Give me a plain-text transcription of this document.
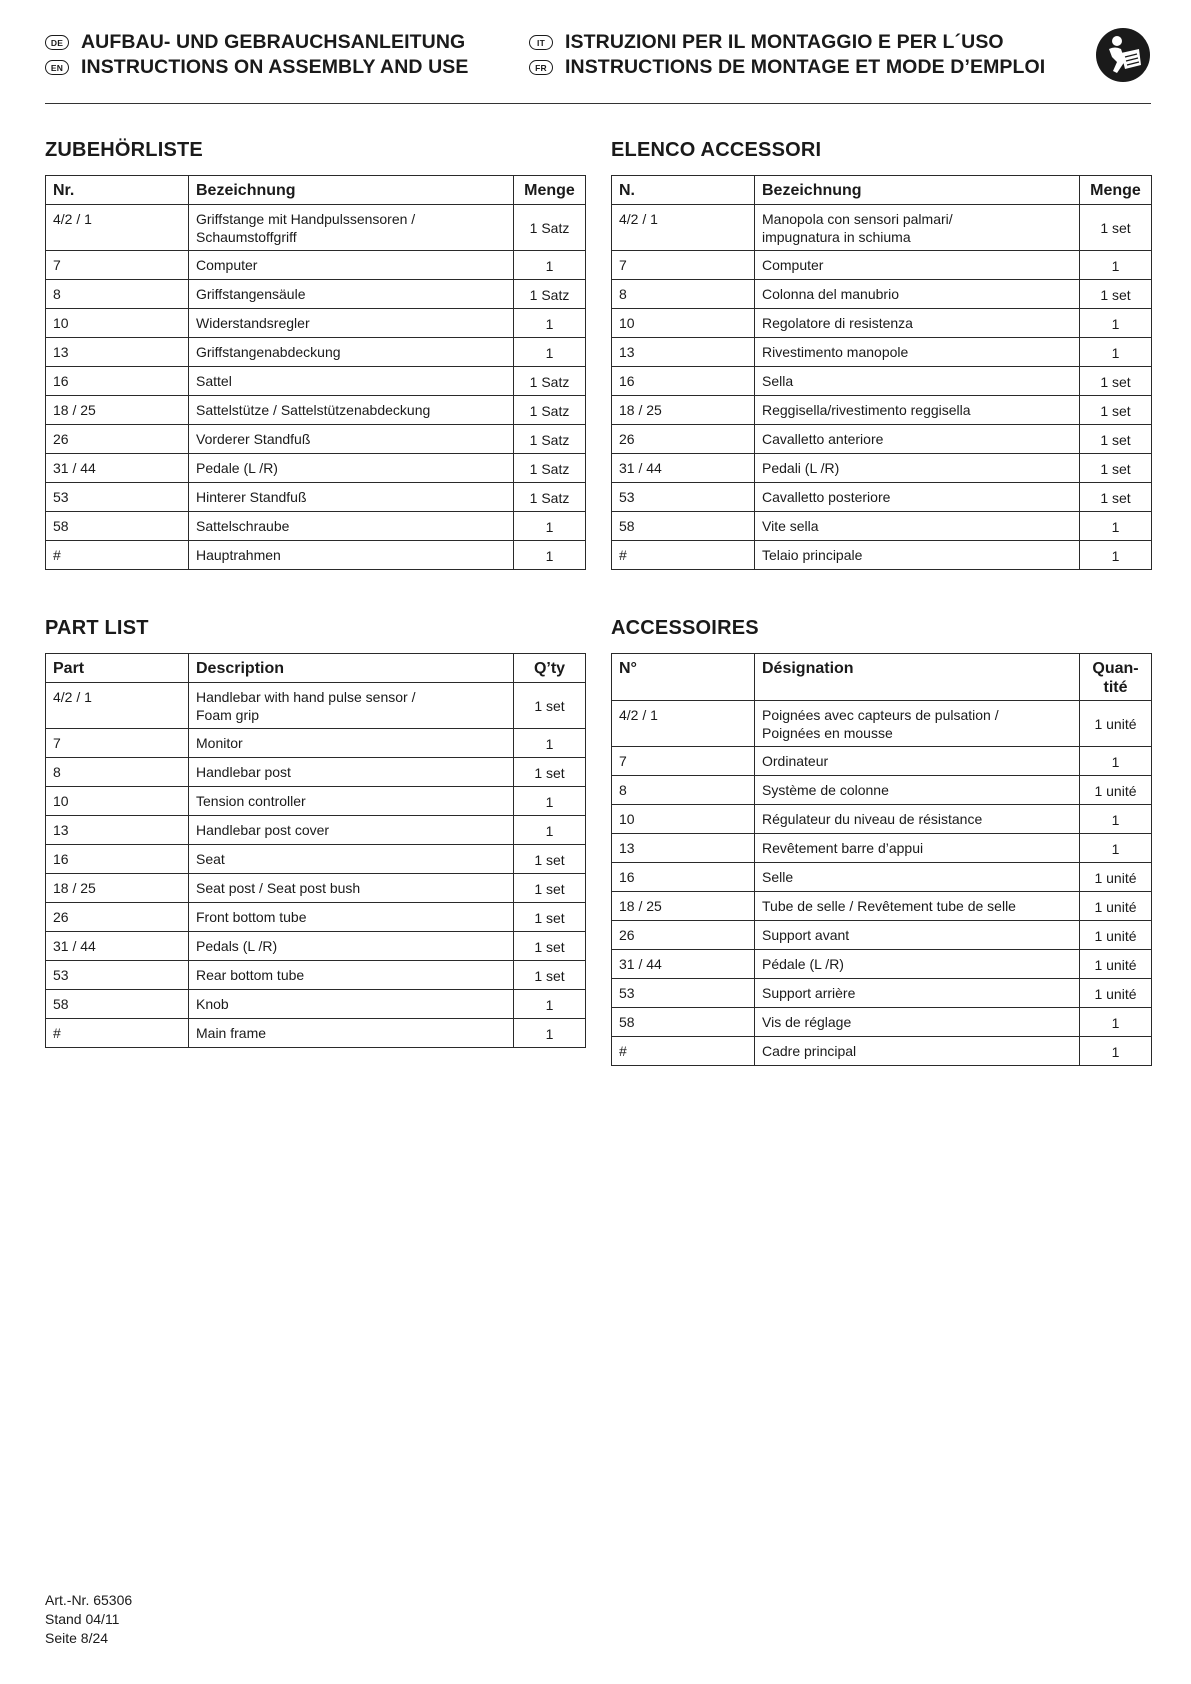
DE AUFBAU- UND GEBRAUCHSANLEITUNG
EN INSTRUCTIONS ON ASSEMBLY AND USE
IT	ISTRUZIONI PER IL MONTAGGIO E PER L´USO
FR INSTRUCTIONS DE MONTAGE ET MODE D’EMPLOI
ZUBEHÖRLISTE
Nr.	Bezeichnung	Menge
4/2 / 1	Griffstange mit Handpulssensoren /
Schaumstoffgriff	1 Satz
7	Computer	1
8	Griffstangensäule	1 Satz
10	Widerstandsregler	1
13	Griffstangenabdeckung	1
16	Sattel	1 Satz
18 / 25	Sattelstütze / Sattelstützenabdeckung	1 Satz
26	Vorderer Standfuß	1 Satz
31 / 44	Pedale (L /R)	1 Satz
53	Hinterer Standfuß	1 Satz
58	Sattelschraube	1
#	Hauptrahmen	1
ELENCO ACCESSORI
N.	Bezeichnung	Menge
4/2 / 1	Manopola con sensori palmari/
impugnatura in schiuma	1 set
7	Computer	1
8	Colonna del manubrio	1 set
10	Regolatore di resistenza	1
13	Rivestimento manopole	1
16	Sella	1 set
18 / 25	Reggisella/rivestimento reggisella	1 set
26	Cavalletto anteriore	1 set
31 / 44	Pedali (L /R)	1 set
53	Cavalletto posteriore	1 set
58	Vite sella	1
#	Telaio principale	1
PART LIST
Part	Description	Q’ty
4/2 / 1	Handlebar with hand pulse sensor /
Foam grip	1 set
7	Monitor	1
8	Handlebar post	1 set
10	Tension controller	1
13	Handlebar post cover	1
16	Seat	1 set
18 / 25	Seat post / Seat post bush	1 set
26	Front bottom tube	1 set
31 / 44	Pedals (L /R)	1 set
53	Rear bottom tube	1 set
58	Knob	1
#	Main frame	1
ACCESSOIRES
N°	Désignation	Quan-
tité
4/2 / 1	Poignées avec capteurs de pulsation /
Poignées en mousse	1 unité
7	Ordinateur	1
8	Système de colonne	1 unité
10	Régulateur du niveau de résistance	1
13	Revêtement barre d’appui	1
16	Selle	1 unité
18 / 25	Tube de selle / Revêtement tube de selle	1 unité
26	Support avant	1 unité
31 / 44	Pédale (L /R)	1 unité
53	Support arrière	1 unité
58	Vis de réglage	1
#	Cadre principal	1
Art.-Nr. 65306
Stand 04/11
Seite 8/24
